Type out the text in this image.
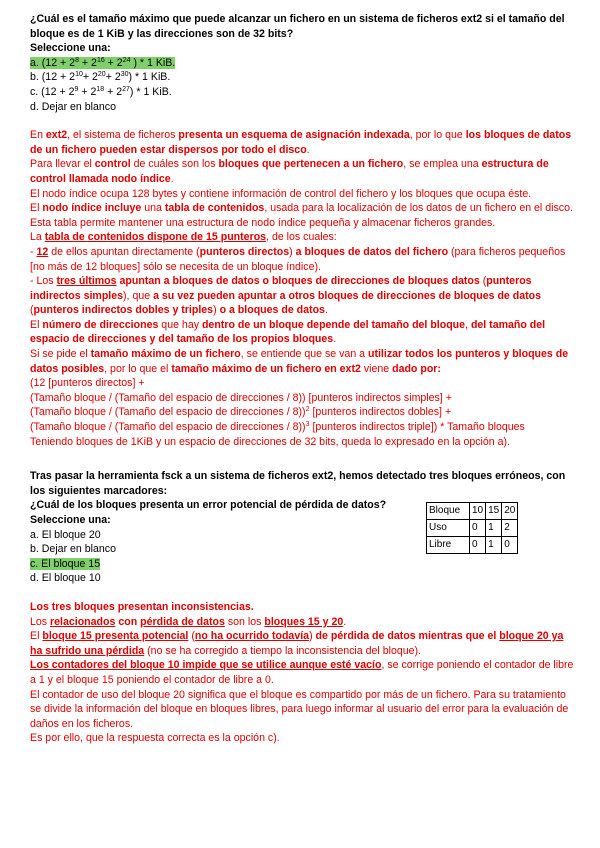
¿Cuál es el tamaño máximo que puede alcanzar un fichero en un sistema de ficheros ext2 si el tamaño del bloque es de 1 KiB y las direcciones son de 32 bits?

Seleccione una:

a. ($12 + 2^8 + 2^{16} + 2^{24}$ ) * 1 KiB.

b. $(12 + 2^{10}+ 2^{20}+ 2^{30}) * 1$ KiB.

c. $(12 + 2^9 + 2^{18} + 2^{27}) * 1$ KiB.

d. Dejar en blanco

En ext2, el sistema de ficheros presenta un esquema de asignación indexada, por lo que los bloques de datos de un fichero pueden estar dispersos por todo el disco.

Para llevar el control de cuáles son los bloques que pertenecen a un fichero, se emplea una estructura de control llamada nodo índice.

El nodo índice ocupa 128 bytes y contiene información de control del fichero y los bloques que ocupa éste.

El nodo índice incluye una tabla de contenidos, usada para la localización de los datos de un fichero en el disco. Esta tabla permite mantener una estructura de nodo índice pequeña y almacenar ficheros grandes.

La tabla de contenidos dispone de 15 punteros, de los cuales:

- 12 de ellos apuntan directamente (punteros directos) a bloques de datos del fichero (para ficheros pequeños [no más de 12 bloques] sólo se necesita de un bloque índice).

- Los tres últimos apuntan a bloques de datos o bloques de direcciones de bloques datos (punteros indirectos simples), que a su vez pueden apuntar a otros bloques de direcciones de bloques de datos (punteros indirectos dobles y triples) o a bloques de datos.

El número de direcciones que hay dentro de un bloque depende del tamaño del bloque, del tamaño del espacio de direcciones y del tamaño de los propios bloques.

Si se pide el tamaño máximo de un fichero, se entiende que se van a utilizar todos los punteros y bloques de datos posibles, por lo que el tamaño máximo de un fichero en ext2 viene dado por:

(12 [punteros directos] +

(Tamaño bloque / (Tamaño del espacio de direcciones / 8)) [punteros indirectos simples] +

(Tamaño bloque / (Tamaño del espacio de direcciones / 8))$^2$ [punteros indirectos dobles] +

(Tamaño bloque / (Tamaño del espacio de direcciones / 8))$^3$ [punteros indirectos triple]) * Tamaño bloques

Teniendo bloques de 1KiB y un espacio de direcciones de 32 bits, queda lo expresado en la opción a).

Tras pasar la herramienta fsck a un sistema de ficheros ext2, hemos detectado tres bloques erróneos, con los siguientes marcadores:

¿Cuál de los bloques presenta un error potencial de pérdida de datos?

Seleccione una:

a. El bloque 20

b. Dejar en blanco

c. El bloque 15

d. El bloque 10

Bloque	10	15	20
Uso	0	1	2
Libre	0	1	0

Los tres bloques presentan inconsistencias.

Los relacionados con pérdida de datos son los bloques 15 y 20.

El bloque 15 presenta potencial (no ha ocurrido todavía) de pérdida de datos mientras que el bloque 20 ya ha sufrido una pérdida (no se ha corregido a tiempo la inconsistencia del bloque).

Los contadores del bloque 10 impide que se utilice aunque esté vacío, se corrige poniendo el contador de libre a 1 y el bloque 15 poniendo el contador de libre a 0.

El contador de uso del bloque 20 significa que el bloque es compartido por más de un fichero. Para su tratamiento se divide la información del bloque en bloques libres, para luego informar al usuario del error para la evaluación de daños en los ficheros.

Es por ello, que la respuesta correcta es la opción c).
